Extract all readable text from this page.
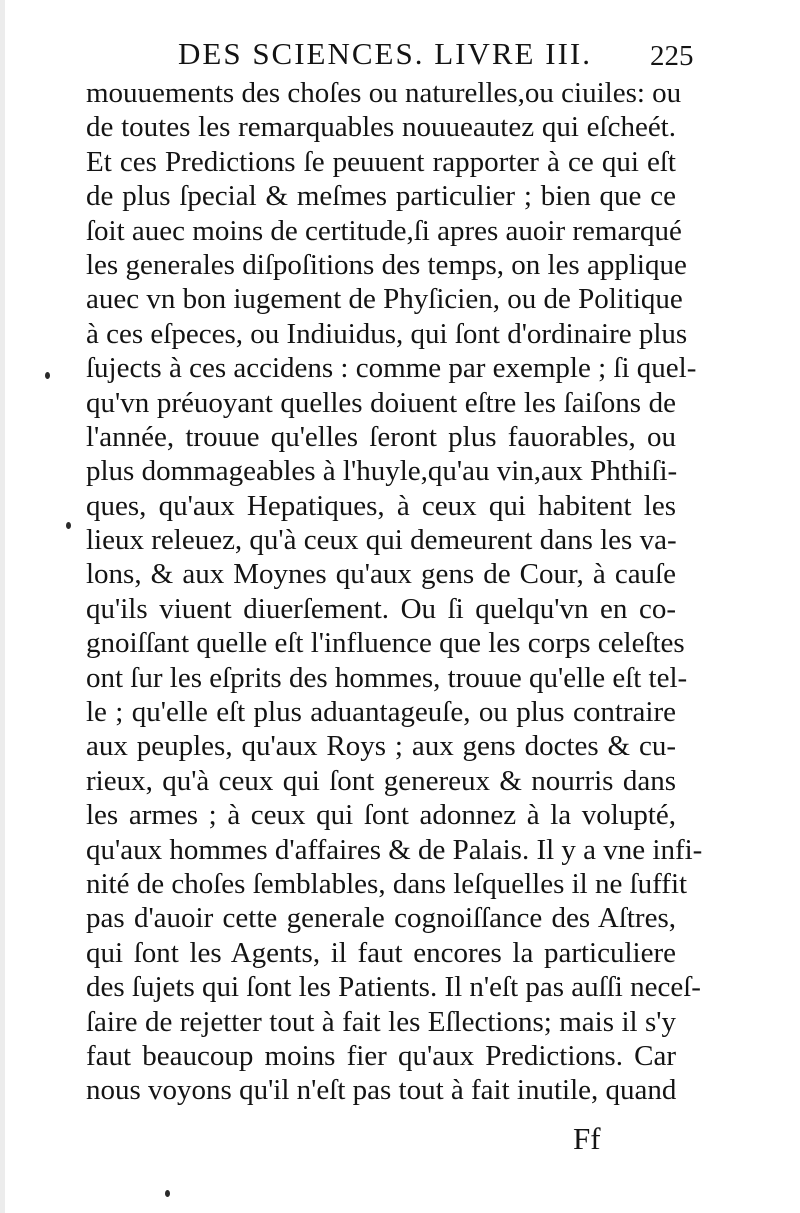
DES SCIENCES. LIVRE III. 225
mouuements des choſes ou naturelles,ou ciuiles: ou
de toutes les remarquables nouueautez qui eſcheét.
Et ces Predictions ſe peuuent rapporter à ce qui eſt
de plus ſpecial & meſmes particulier ; bien que ce
ſoit auec moins de certitude,ſi apres auoir remarqué
les generales diſpoſitions des temps, on les applique
auec vn bon iugement de Phyſicien, ou de Politique
à ces eſpeces, ou Indiuidus, qui ſont d'ordinaire plus
ſujects à ces accidens : comme par exemple ; ſi quel-
qu'vn préuoyant quelles doiuent eſtre les ſaiſons de
l'année, trouue qu'elles ſeront plus fauorables, ou
plus dommageables à l'huyle,qu'au vin,aux Phthiſi-
ques, qu'aux Hepatiques, à ceux qui habitent les
lieux releuez, qu'à ceux qui demeurent dans les va-
lons, & aux Moynes qu'aux gens de Cour, à cauſe
qu'ils viuent diuerſement. Ou ſi quelqu'vn en co-
gnoiſſant quelle eſt l'influence que les corps celeſtes
ont ſur les eſprits des hommes, trouue qu'elle eſt tel-
le ; qu'elle eſt plus aduantageuſe, ou plus contraire
aux peuples, qu'aux Roys ; aux gens doctes & cu-
rieux, qu'à ceux qui ſont genereux & nourris dans
les armes ; à ceux qui ſont adonnez à la volupté,
qu'aux hommes d'affaires & de Palais. Il y a vne infi-
nité de choſes ſemblables, dans leſquelles il ne ſuffit
pas d'auoir cette generale cognoiſſance des Aſtres,
qui ſont les Agents, il faut encores la particuliere
des ſujets qui ſont les Patients. Il n'eſt pas auſſi neceſ-
ſaire de rejetter tout à fait les Eſlections; mais il s'y
faut beaucoup moins fier qu'aux Predictions. Car
nous voyons qu'il n'eſt pas tout à fait inutile, quand
Ff
